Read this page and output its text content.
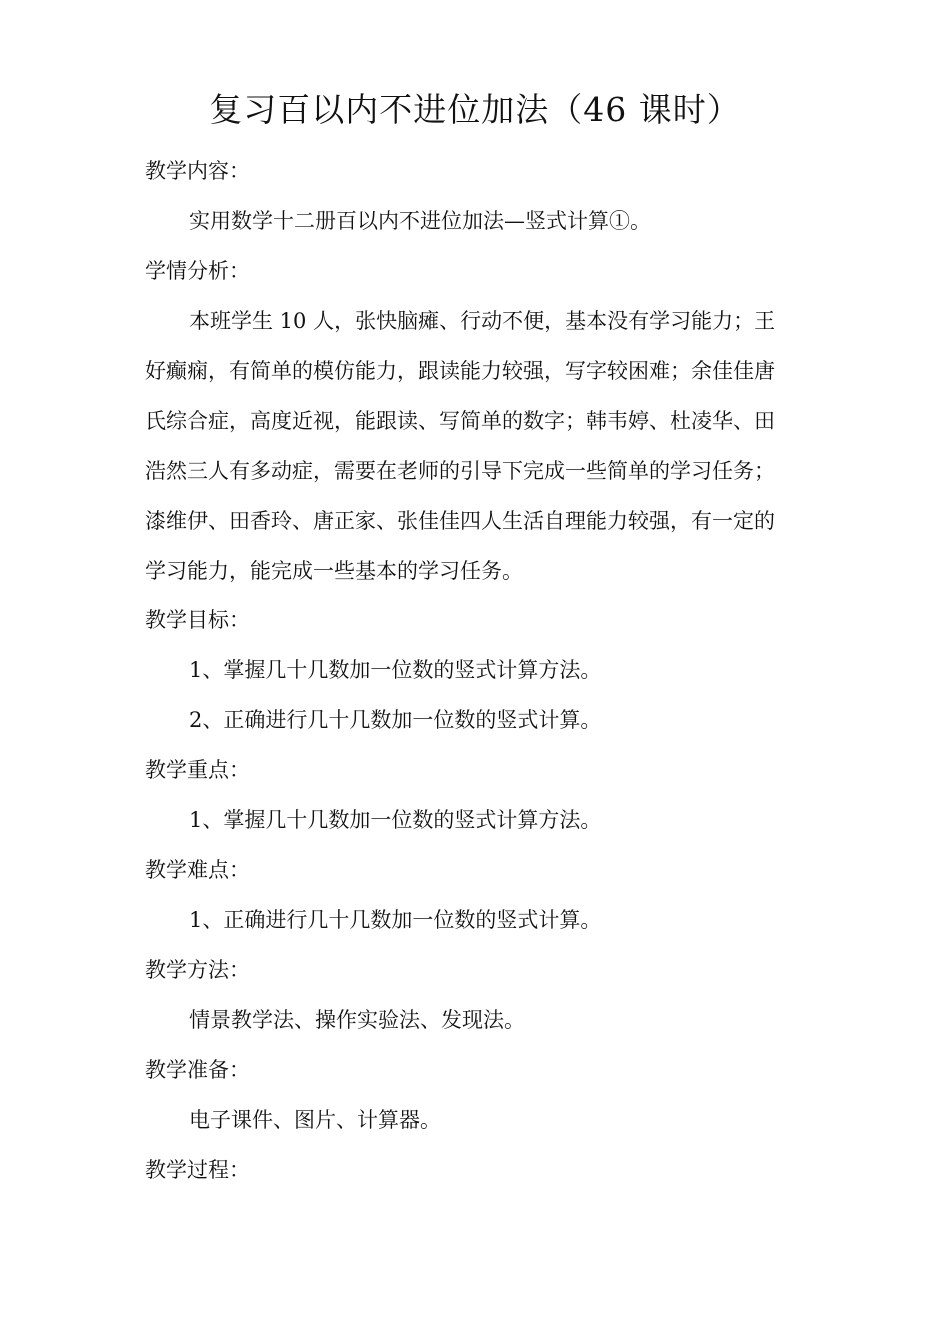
复习百以内不进位加法（46 课时）
教学内容：
实用数学十二册百以内不进位加法—竖式计算①。
学情分析：
本班学生 10 人，张快脑瘫、行动不便，基本没有学习能力；王
好癫痫，有简单的模仿能力，跟读能力较强，写字较困难；余佳佳唐
氏综合症，高度近视，能跟读、写简单的数字；韩韦婷、杜凌华、田
浩然三人有多动症，需要在老师的引导下完成一些简单的学习任务；
漆维伊、田香玲、唐正家、张佳佳四人生活自理能力较强，有一定的
学习能力，能完成一些基本的学习任务。
教学目标：
1、掌握几十几数加一位数的竖式计算方法。
2、正确进行几十几数加一位数的竖式计算。
教学重点：
1、掌握几十几数加一位数的竖式计算方法。
教学难点：
1、正确进行几十几数加一位数的竖式计算。
教学方法：
情景教学法、操作实验法、发现法。
教学准备：
电子课件、图片、计算器。
教学过程：
